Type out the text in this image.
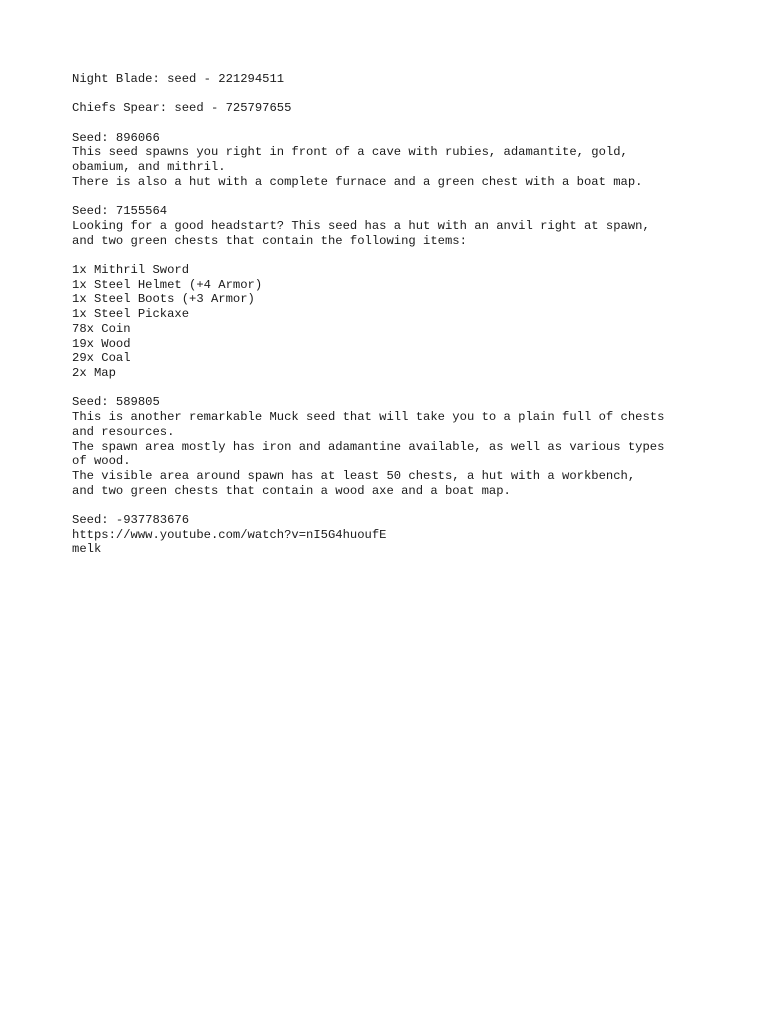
Night Blade: seed - 221294511
Chiefs Spear: seed - 725797655
Seed: 896066
This seed spawns you right in front of a cave with rubies, adamantite, gold,
obamium, and mithril.
There is also a hut with a complete furnace and a green chest with a boat map.
Seed: 7155564
Looking for a good headstart? This seed has a hut with an anvil right at spawn,
and two green chests that contain the following items:
1x Mithril Sword
1x Steel Helmet (+4 Armor)
1x Steel Boots (+3 Armor)
1x Steel Pickaxe
78x Coin
19x Wood
29x Coal
2x Map
Seed: 589805
This is another remarkable Muck seed that will take you to a plain full of chests
and resources.
The spawn area mostly has iron and adamantine available, as well as various types
of wood.
The visible area around spawn has at least 50 chests, a hut with a workbench,
and two green chests that contain a wood axe and a boat map.
Seed: -937783676
https://www.youtube.com/watch?v=nI5G4huoufE
melk
